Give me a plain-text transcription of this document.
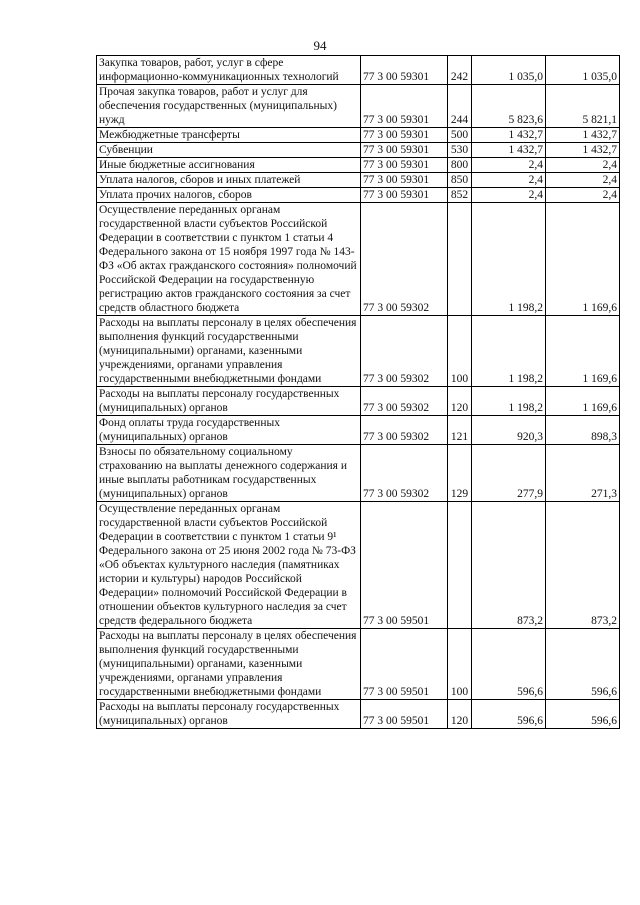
94
Закупка товаров, работ, услуг в сфере информационно-коммуникационных технологий	77 3 00 59301	242	1 035,0	1 035,0
Прочая закупка товаров, работ и услуг для обеспечения государственных (муниципальных) нужд	77 3 00 59301	244	5 823,6	5 821,1
Межбюджетные трансферты	77 3 00 59301	500	1 432,7	1 432,7
Субвенции	77 3 00 59301	530	1 432,7	1 432,7
Иные бюджетные ассигнования	77 3 00 59301	800	2,4	2,4
Уплата налогов, сборов и иных платежей	77 3 00 59301	850	2,4	2,4
Уплата прочих налогов, сборов	77 3 00 59301	852	2,4	2,4
Осуществление переданных органам государственной власти субъектов Российской Федерации в соответствии с пунктом 1 статьи 4 Федерального закона от 15 ноября 1997 года № 143-ФЗ «Об актах гражданского состояния» полномочий Российской Федерации на государственную регистрацию актов гражданского состояния за счет средств областного бюджета	77 3 00 59302		1 198,2	1 169,6
Расходы на выплаты персоналу в целях обеспечения выполнения функций государственными (муниципальными) органами, казенными учреждениями, органами управления государственными внебюджетными фондами	77 3 00 59302	100	1 198,2	1 169,6
Расходы на выплаты персоналу государственных (муниципальных) органов	77 3 00 59302	120	1 198,2	1 169,6
Фонд оплаты труда государственных (муниципальных) органов	77 3 00 59302	121	920,3	898,3
Взносы по обязательному социальному страхованию на выплаты денежного содержания и иные выплаты работникам государственных (муниципальных) органов	77 3 00 59302	129	277,9	271,3
Осуществление переданных органам государственной власти субъектов Российской Федерации в соответствии с пунктом 1 статьи 9¹ Федерального закона от 25 июня 2002 года № 73-ФЗ «Об объектах культурного наследия (памятниках истории и культуры) народов Российской Федерации» полномочий Российской Федерации в отношении объектов культурного наследия за счет средств федерального бюджета	77 3 00 59501		873,2	873,2
Расходы на выплаты персоналу в целях обеспечения выполнения функций государственными (муниципальными) органами, казенными учреждениями, органами управления государственными внебюджетными фондами	77 3 00 59501	100	596,6	596,6
Расходы на выплаты персоналу государственных (муниципальных) органов	77 3 00 59501	120	596,6	596,6
